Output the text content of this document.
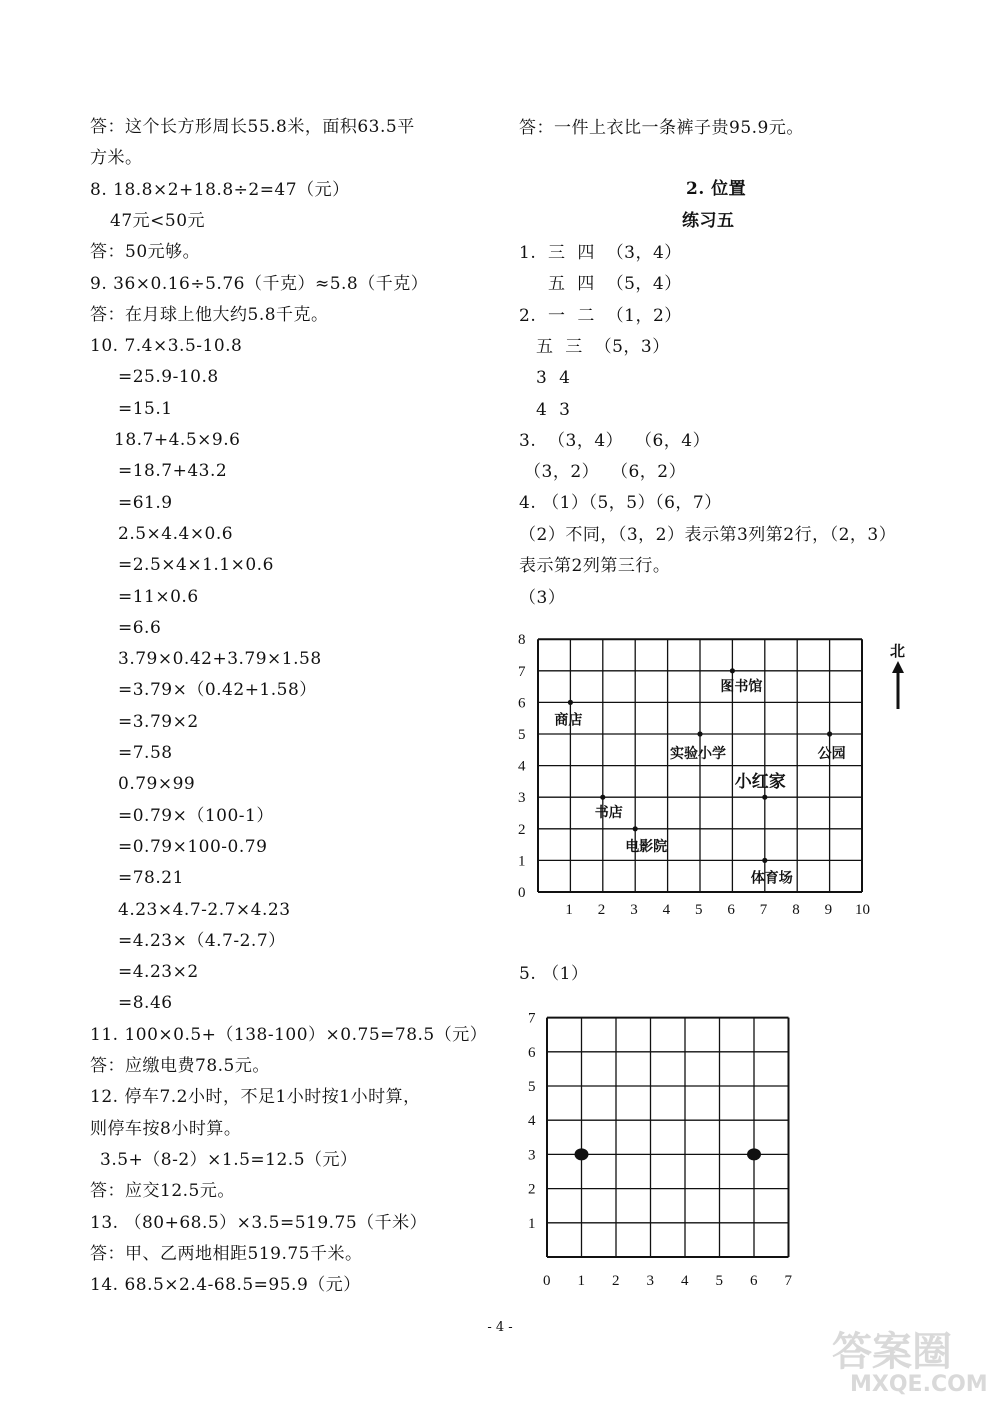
答：这个长方形周长55.8米，面积63.5平
方米。
8. 18.8×2+18.8÷2=47（元）
47元<50元
答：50元够。
9. 36×0.16÷5.76（千克）≈5.8（千克）
答：在月球上他大约5.8千克。
10. 7.4×3.5-10.8
=25.9-10.8
=15.1
18.7+4.5×9.6
=18.7+43.2
=61.9
2.5×4.4×0.6
=2.5×4×1.1×0.6
=11×0.6
=6.6
3.79×0.42+3.79×1.58
=3.79×（0.42+1.58）
=3.79×2
=7.58
0.79×99
=0.79×（100-1）
=0.79×100-0.79
=78.21
4.23×4.7-2.7×4.23
=4.23×（4.7-2.7）
=4.23×2
=8.46
11. 100×0.5+（138-100）×0.75=78.5（元）
答：应缴电费78.5元。
12. 停车7.2小时，不足1小时按1小时算，
则停车按8小时算。
3.5+（8-2）×1.5=12.5（元）
答：应交12.5元。
13. （80+68.5）×3.5=519.75（千米）
答：甲、乙两地相距519.75千米。
14. 68.5×2.4-68.5=95.9（元）
答：一件上衣比一条裤子贵95.9元。
2. 位置
练习五
1.  三  四  （3，4）
五  四  （5，4）
2.  一  二  （1，2）
五  三  （5，3）
3  4
4  3
3.  （3，4）  （6，4）
（3，2）  （6，2）
4. （1）（5，5）（6，7）
（2）不同，（3，2）表示第3列第2行，（2，3）
表示第2列第三行。
（3）
5. （1）
1 2 3 4 5 6 7 8 9 10
0
1
2
3
4
5
6
7
8
图书馆
商店
实验小学	公园
小红家
书店
电影院
体育场
北
0 1 2 3 4 5 6 7
1
2
3
4
5
6
7
- 4 -
答案圈
MXQE.COM
